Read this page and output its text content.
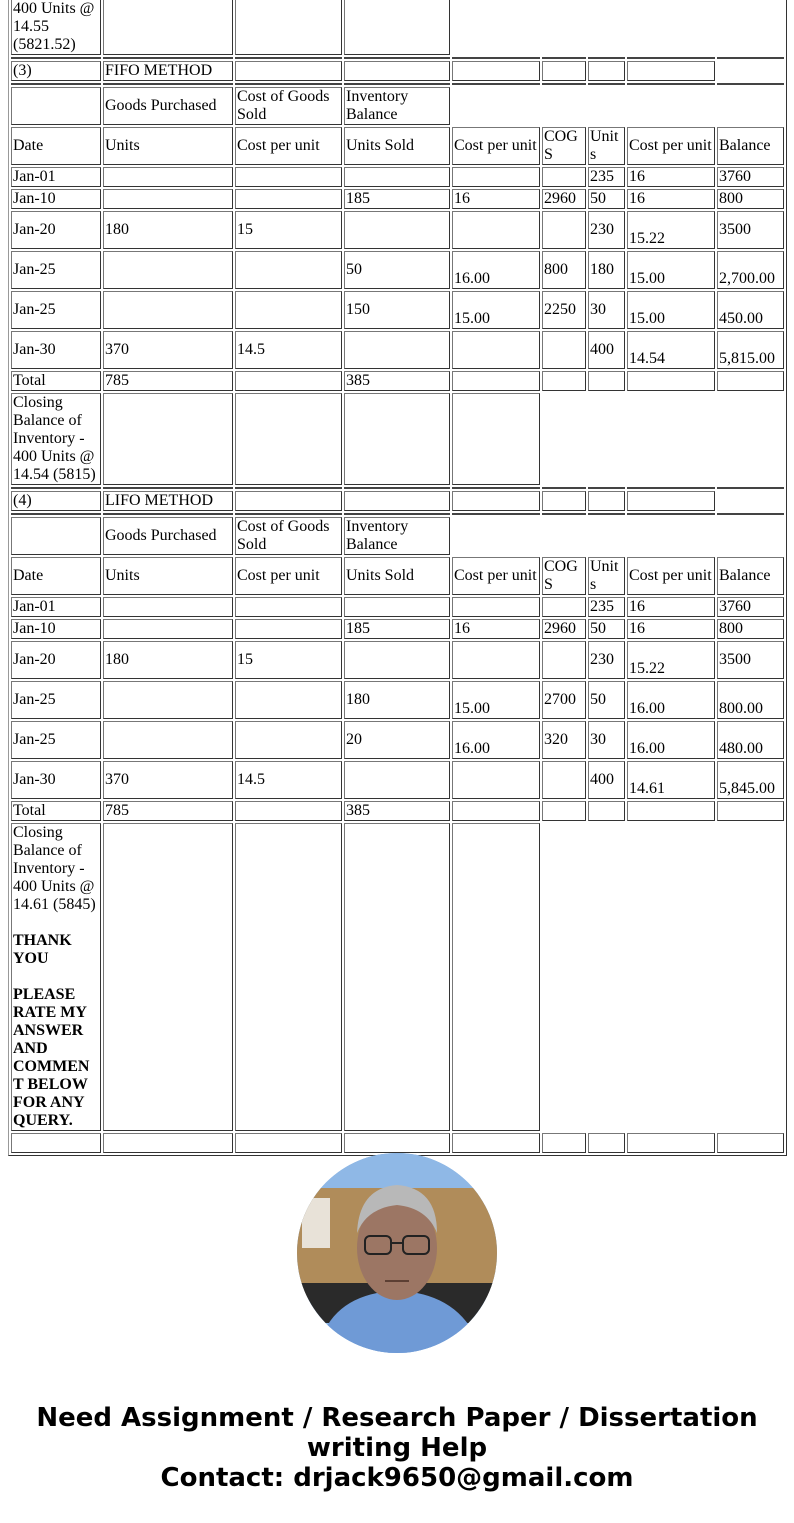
400 Units @ 14.55 (5821.52)								

(3)	FIFO METHOD							

	Goods Purchased	Cost of Goods Sold	Inventory Balance					
Date	Units	Cost per unit	Units Sold	Cost per unit	COGS	Units	Cost per unit	Balance
Jan-01						235	16	3760
Jan-10			185	16	2960	50	16	800
Jan-20	180	15				230	15.22	3500
Jan-25			50	16.00	800	180	15.00	2,700.00
Jan-25			150	15.00	2250	30	15.00	450.00
Jan-30	370	14.5				400	14.54	5,815.00
Total	785		385					
Closing Balance of Inventory - 400 Units @ 14.54 (5815)								

(4)	LIFO METHOD							

	Goods Purchased	Cost of Goods Sold	Inventory Balance					
Date	Units	Cost per unit	Units Sold	Cost per unit	COGS	Units	Cost per unit	Balance
Jan-01						235	16	3760
Jan-10			185	16	2960	50	16	800
Jan-20	180	15				230	15.22	3500
Jan-25			180	15.00	2700	50	16.00	800.00
Jan-25			20	16.00	320	30	16.00	480.00
Jan-30	370	14.5				400	14.61	5,845.00
Total	785		385					

Closing Balance of Inventory - 400 Units @ 14.61 (5845)

THANK YOU

PLEASE RATE MY ANSWER AND COMMENT BELOW FOR ANY QUERY.								

Need Assignment / Research Paper / Dissertation
writing Help
Contact: drjack9650@gmail.com
